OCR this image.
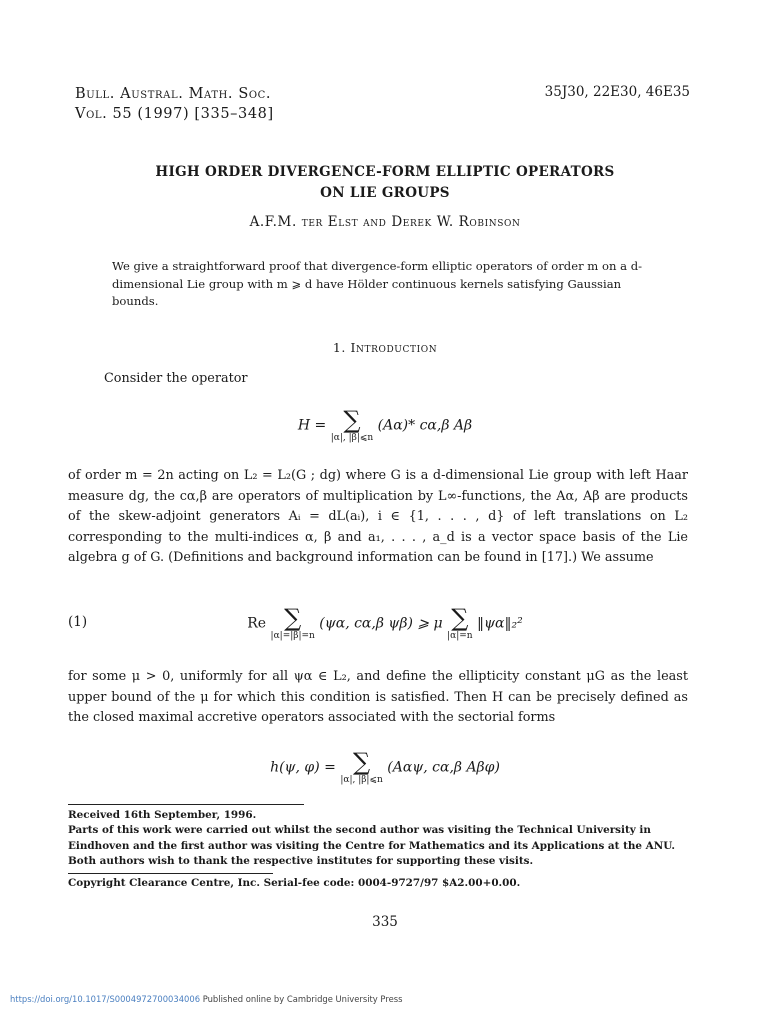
Bull. Austral. Math. Soc.
Vol. 55 (1997) [335–348]
35J30, 22E30, 46E35
HIGH ORDER DIVERGENCE-FORM ELLIPTIC OPERATORS
ON LIE GROUPS
A.F.M. ter Elst and Derek W. Robinson
We give a straightforward proof that divergence-form elliptic operators of order m on a d-dimensional Lie group with m ⩾ d have Hölder continuous kernels satisfying Gaussian bounds.
1. Introduction
Consider the operator
H = ∑
|α|, |β|⩽n
(Aα)* cα,β Aβ
of order m = 2n acting on L₂ = L₂(G ; dg) where G is a d-dimensional Lie group with left Haar measure dg, the cα,β are operators of multiplication by L∞-functions, the Aα, Aβ are products of the skew-adjoint generators Aᵢ = dL(aᵢ), i ∈ {1, . . . , d} of left translations on L₂ corresponding to the multi-indices α, β and a₁, . . . , a_d is a vector space basis of the Lie algebra g of G. (Definitions and background information can be found in [17].) We assume
(1)	Re ∑
|α|=|β|=n
(ψα, cα,β ψβ) ⩾ μ ∑
|α|=n
‖ψα‖₂²
for some μ > 0, uniformly for all ψα ∈ L₂, and define the ellipticity constant μG as the least upper bound of the μ for which this condition is satisfied. Then H can be precisely defined as the closed maximal accretive operators associated with the sectorial forms
h(ψ, φ) = ∑
|α|, |β|⩽n
(Aαψ, cα,β Aβφ)
Received 16th September, 1996.
Parts of this work were carried out whilst the second author was visiting the Technical University in Eindhoven and the first author was visiting the Centre for Mathematics and its Applications at the ANU. Both authors wish to thank the respective institutes for supporting these visits.
Copyright Clearance Centre, Inc. Serial-fee code: 0004-9727/97 $A2.00+0.00.
335
https://doi.org/10.1017/S0004972700034006 Published online by Cambridge University Press
